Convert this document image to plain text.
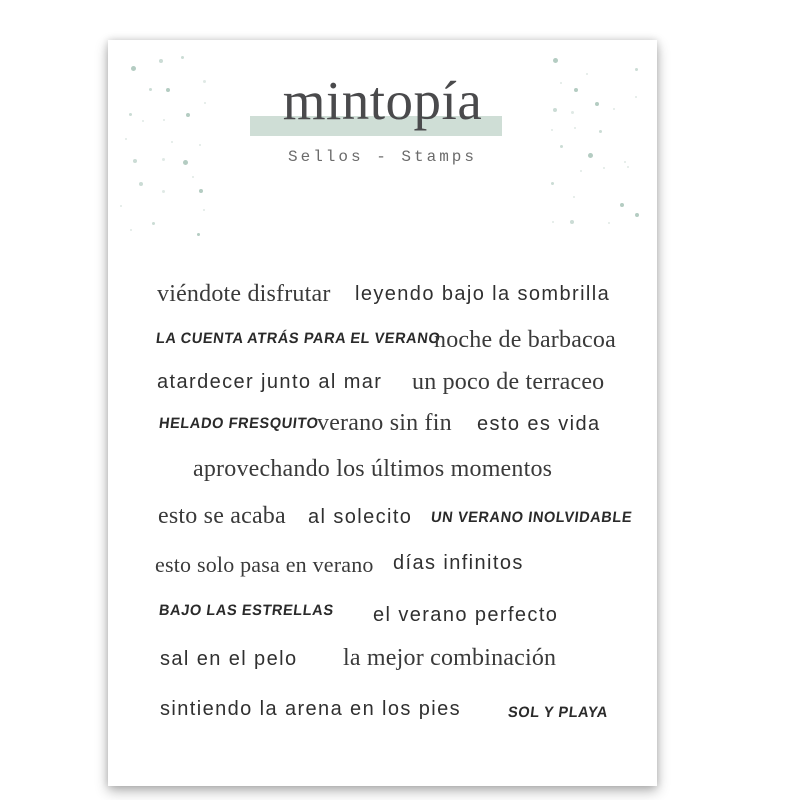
mintopía
Sellos - Stamps
viéndote disfrutar leyendo bajo la sombrilla
LA CUENTA ATRÁS PARA EL VERANO
noche de barbacoa
atardecer junto al mar un poco de terraceo
HELADO FRESQUITO
verano sin fin esto es vida
aprovechando los últimos momentos
esto se acaba al solecito UN VERANO INOLVIDABLE
esto solo pasa en verano días infinitos
BAJO LAS ESTRELLAS el verano perfecto
sal en el pelo la mejor combinación
sintiendo la arena en los pies	SOL Y PLAYA
